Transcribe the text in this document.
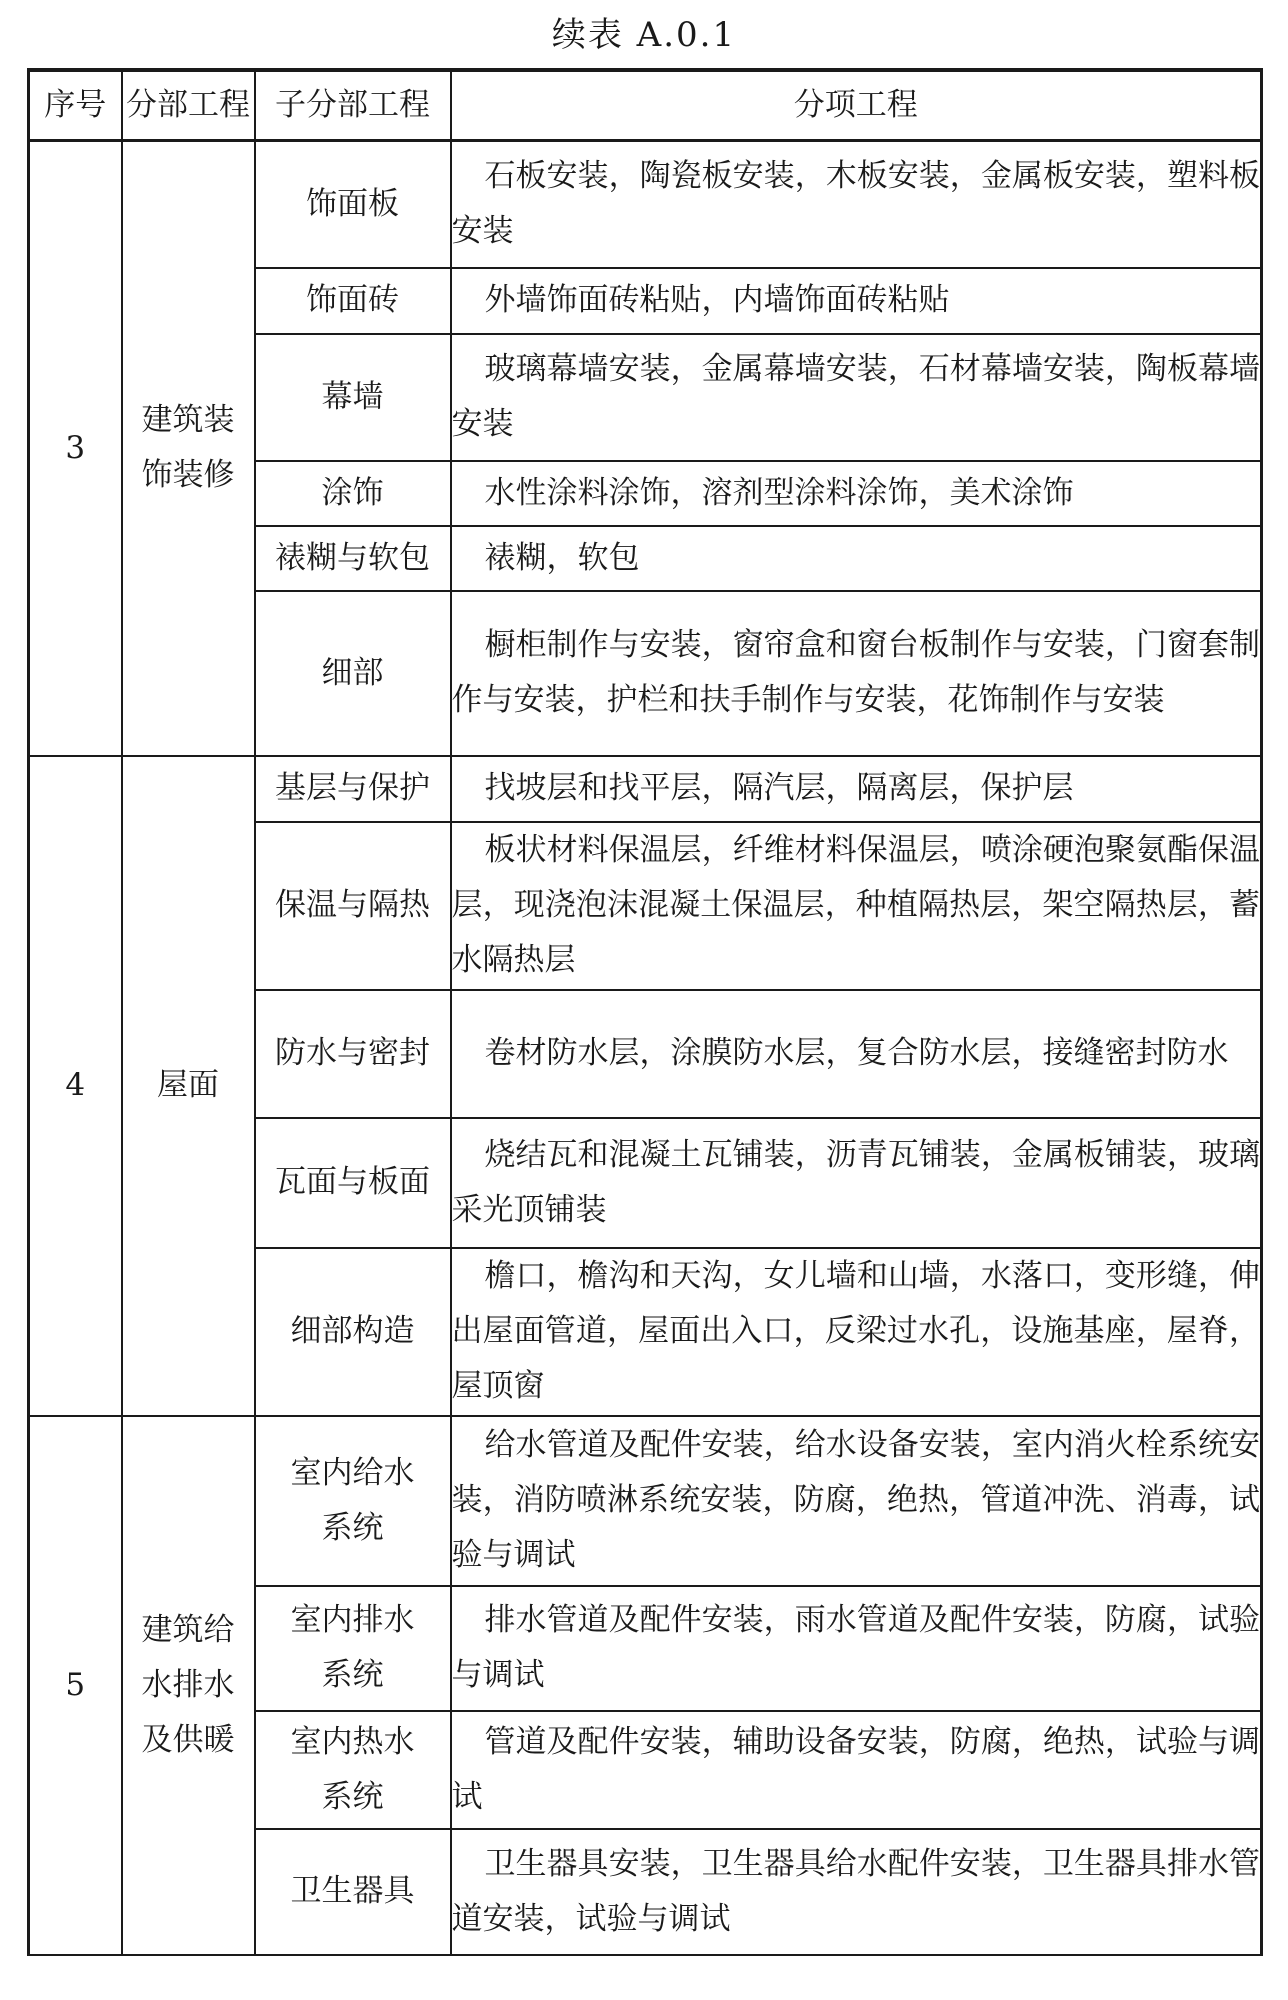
续表 A.0.1
序号	分部工程	子分部工程	分项工程
3	建筑装饰装修	饰面板	石板安装，陶瓷板安装，木板安装，金属板安装，塑料板安装
		饰面砖	外墙饰面砖粘贴，内墙饰面砖粘贴
		幕墙	玻璃幕墙安装，金属幕墙安装，石材幕墙安装，陶板幕墙安装
		涂饰	水性涂料涂饰，溶剂型涂料涂饰，美术涂饰
		裱糊与软包	裱糊，软包
		细部	橱柜制作与安装，窗帘盒和窗台板制作与安装，门窗套制作与安装，护栏和扶手制作与安装，花饰制作与安装
4	屋面	基层与保护	找坡层和找平层，隔汽层，隔离层，保护层
		保温与隔热	板状材料保温层，纤维材料保温层，喷涂硬泡聚氨酯保温层，现浇泡沫混凝土保温层，种植隔热层，架空隔热层，蓄水隔热层
		防水与密封	卷材防水层，涂膜防水层，复合防水层，接缝密封防水
		瓦面与板面	烧结瓦和混凝土瓦铺装，沥青瓦铺装，金属板铺装，玻璃采光顶铺装
		细部构造	檐口，檐沟和天沟，女儿墙和山墙，水落口，变形缝，伸出屋面管道，屋面出入口，反梁过水孔，设施基座，屋脊，屋顶窗
5	建筑给水排水及供暖	室内给水系统	给水管道及配件安装，给水设备安装，室内消火栓系统安装，消防喷淋系统安装，防腐，绝热，管道冲洗、消毒，试验与调试
		室内排水系统	排水管道及配件安装，雨水管道及配件安装，防腐，试验与调试
		室内热水系统	管道及配件安装，辅助设备安装，防腐，绝热，试验与调试
		卫生器具	卫生器具安装，卫生器具给水配件安装，卫生器具排水管道安装，试验与调试
